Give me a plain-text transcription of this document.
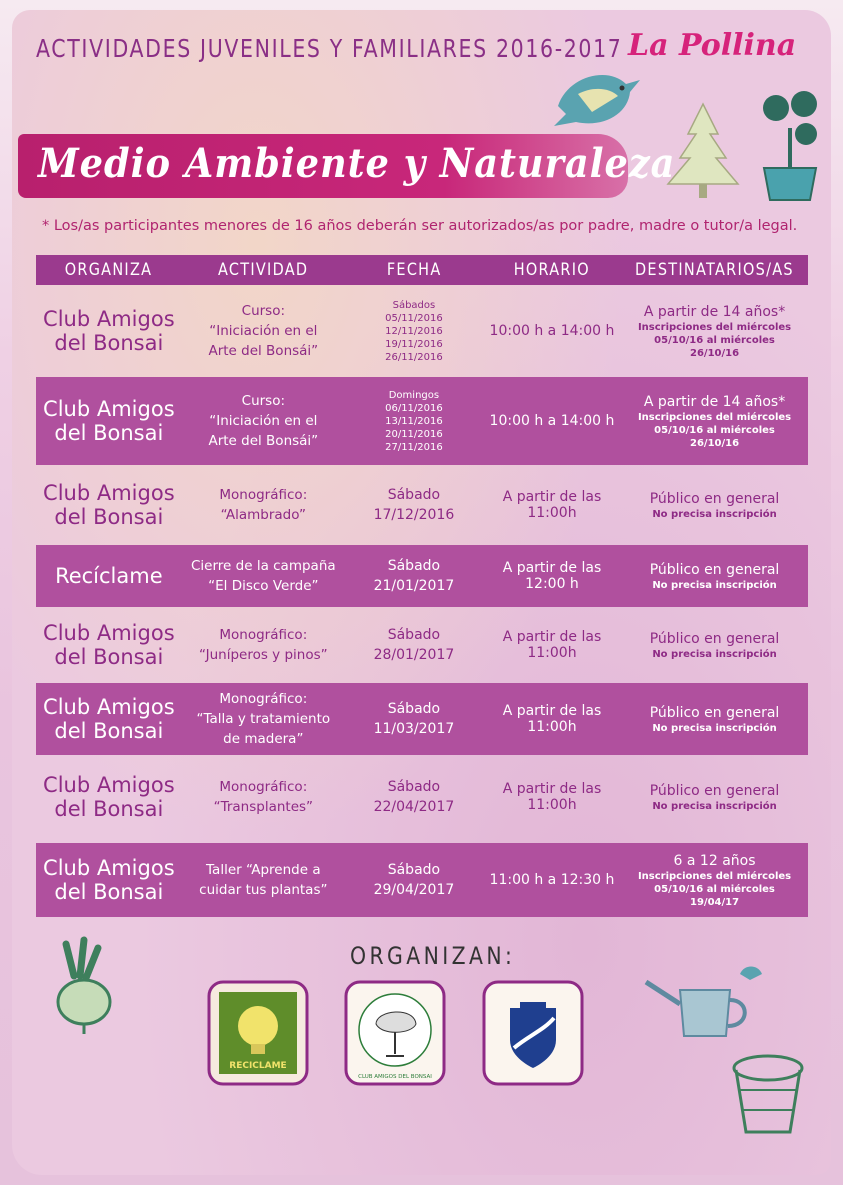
ACTIVIDADES JUVENILES Y FAMILIARES 2016-2017 La Pollina
Medio Ambiente y Naturaleza
* Los/as participantes menores de 16 años deberán ser autorizados/as por padre, madre o tutor/a legal.
ORGANIZA	ACTIVIDAD	FECHA	HORARIO	DESTINATARIOS/AS

Club Amigos
del Bonsai	Curso:
“Iniciación en el
Arte del Bonsái”	Sábados
05/11/2016
12/11/2016
19/11/2016
26/11/2016	10:00 h a 14:00 h	A partir de 14 años*
Inscripciones del miércoles
05/10/16 al miércoles
26/10/16

Club Amigos
del Bonsai	Curso:
“Iniciación en el
Arte del Bonsái”	Domingos
06/11/2016
13/11/2016
20/11/2016
27/11/2016	10:00 h a 14:00 h	A partir de 14 años*
Inscripciones del miércoles
05/10/16 al miércoles
26/10/16

Club Amigos
del Bonsai	Monográfico:
“Alambrado”	Sábado
17/12/2016	A partir de las 11:00h	Público en general
No precisa inscripción

Recíclame	Cierre de la campaña
“El Disco Verde”	Sábado
21/01/2017	A partir de las 12:00 h	Público en general
No precisa inscripción

Club Amigos
del Bonsai	Monográfico:
“Juníperos y pinos”	Sábado
28/01/2017	A partir de las 11:00h	Público en general
No precisa inscripción

Club Amigos
del Bonsai	Monográfico:
“Talla y tratamiento
de madera”	Sábado
11/03/2017	A partir de las 11:00h	Público en general
No precisa inscripción

Club Amigos
del Bonsai	Monográfico:
“Transplantes”	Sábado
22/04/2017	A partir de las 11:00h	Público en general
No precisa inscripción

Club Amigos
del Bonsai	Taller “Aprende a
cuidar tus plantas”	Sábado
29/04/2017	11:00 h a 12:30 h	6 a 12 años
Inscripciones del miércoles
05/10/16 al miércoles
19/04/17
ORGANIZAN:
RECICLAME
CLUB AMIGOS DEL BONSAI
